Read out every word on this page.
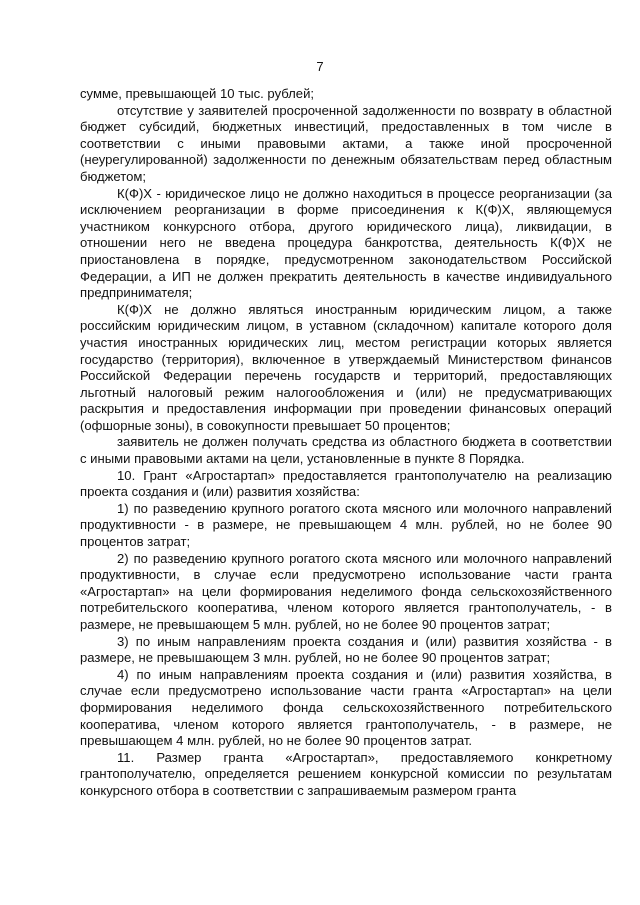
7

сумме, превышающей 10 тыс. рублей;

отсутствие у заявителей просроченной задолженности по возврату в областной бюджет субсидий, бюджетных инвестиций, предоставленных в том числе в соответствии с иными правовыми актами, а также иной просроченной (неурегулированной) задолженности по денежным обязательствам перед областным бюджетом;

К(Ф)Х - юридическое лицо не должно находиться в процессе реорганизации (за исключением реорганизации в форме присоединения к К(Ф)Х, являющемуся участником конкурсного отбора, другого юридического лица), ликвидации, в отношении него не введена процедура банкротства, деятельность К(Ф)Х не приостановлена в порядке, предусмотренном законодательством Российской Федерации, а ИП не должен прекратить деятельность в качестве индивидуального предпринимателя;

К(Ф)Х не должно являться иностранным юридическим лицом, а также российским юридическим лицом, в уставном (складочном) капитале которого доля участия иностранных юридических лиц, местом регистрации которых является государство (территория), включенное в утверждаемый Министерством финансов Российской Федерации перечень государств и территорий, предоставляющих льготный налоговый режим налогообложения и (или) не предусматривающих раскрытия и предоставления информации при проведении финансовых операций (офшорные зоны), в совокупности превышает 50 процентов;

заявитель не должен получать средства из областного бюджета в соответствии с иными правовыми актами на цели, установленные в пункте 8 Порядка.

10. Грант «Агростартап» предоставляется грантополучателю на реализацию проекта создания и (или) развития хозяйства:

1) по разведению крупного рогатого скота мясного или молочного направлений продуктивности - в размере, не превышающем 4 млн. рублей, но не более 90 процентов затрат;

2) по разведению крупного рогатого скота мясного или молочного направлений продуктивности, в случае если предусмотрено использование части гранта «Агростартап» на цели формирования неделимого фонда сельскохозяйственного потребительского кооператива, членом которого является грантополучатель, - в размере, не превышающем 5 млн. рублей, но не более 90 процентов затрат;

3) по иным направлениям проекта создания и (или) развития хозяйства - в размере, не превышающем 3 млн. рублей, но не более 90 процентов затрат;

4) по иным направлениям проекта создания и (или) развития хозяйства, в случае если предусмотрено использование части гранта «Агростартап» на цели формирования неделимого фонда сельскохозяйственного потребительского кооператива, членом которого является грантополучатель, - в размере, не превышающем 4 млн. рублей, но не более 90 процентов затрат.

11. Размер гранта «Агростартап», предоставляемого конкретному грантополучателю, определяется решением конкурсной комиссии по результатам конкурсного отбора в соответствии с запрашиваемым размером гранта
